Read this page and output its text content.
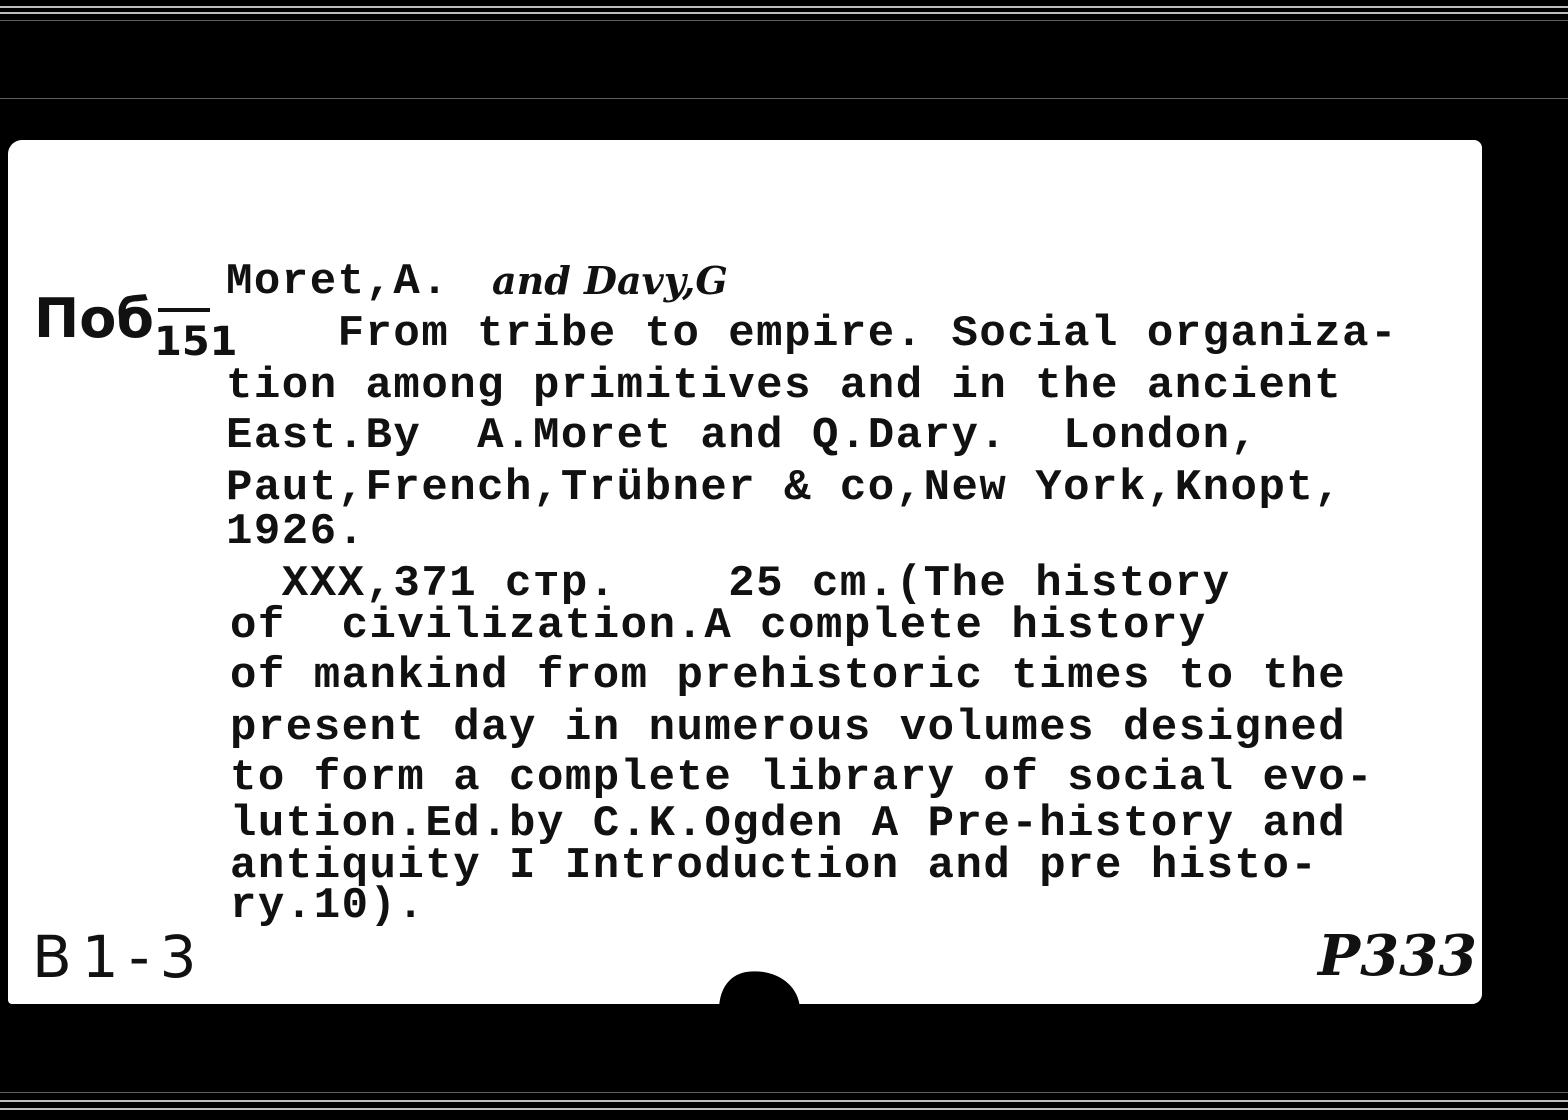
Поб 151
Moret,A. and Davy,G
From tribe to empire. Social organiza-
tion among primitives and in the ancient
East.By  A.Moret and Q.Dary.  London,
Paut,French,Trübner & co,New York,Knopt,
1926.
XXX,371 стр.    25 cm.(The history
of  civilization.A complete history
of mankind from prehistoric times to the
present day in numerous volumes designed
to form a complete library of social evo-
lution.Ed.by C.K.Ogden A Pre-history and
antiquity I Introduction and pre histo-
ry.10).
B1-3	P333
